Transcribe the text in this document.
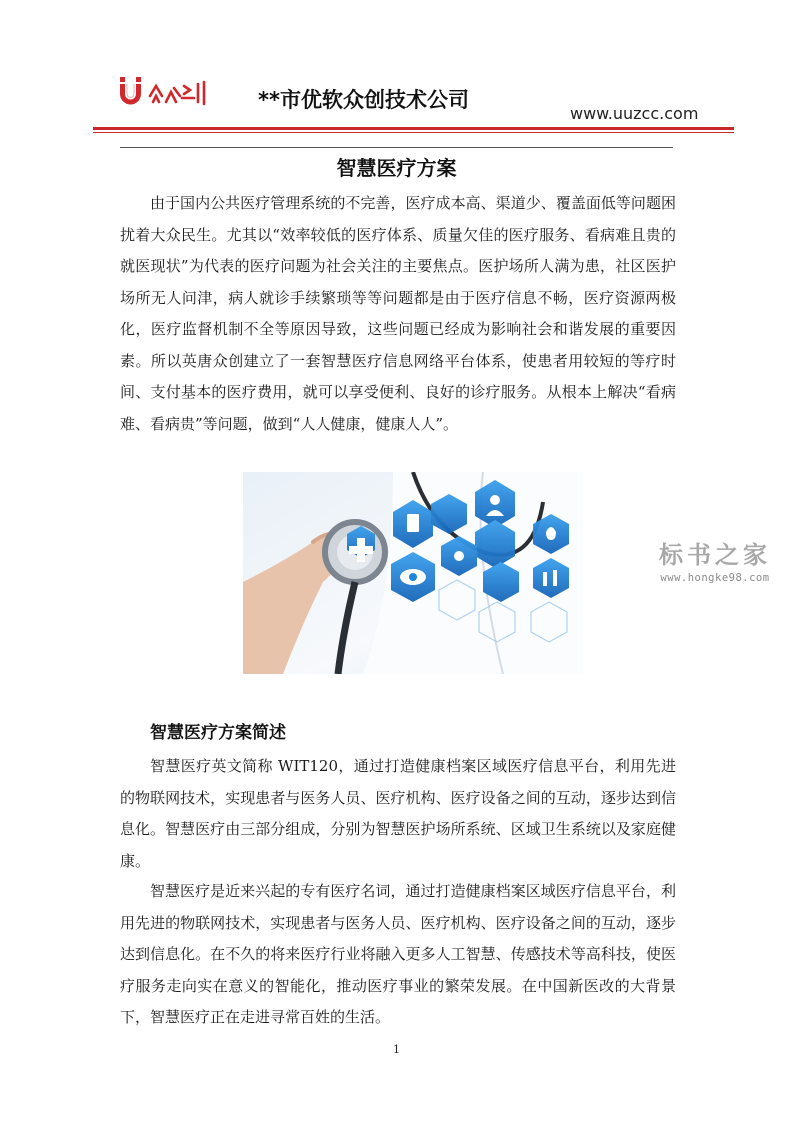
**市优软众创技术公司
www.uuzcc.com
智慧医疗方案

由于国内公共医疗管理系统的不完善，医疗成本高、渠道少、覆盖面低等问题困扰着大众民生。尤其以“效率较低的医疗体系、质量欠佳的医疗服务、看病难且贵的就医现状”为代表的医疗问题为社会关注的主要焦点。医护场所人满为患，社区医护场所无人问津，病人就诊手续繁琐等等问题都是由于医疗信息不畅，医疗资源两极化，医疗监督机制不全等原因导致，这些问题已经成为影响社会和谐发展的重要因素。所以英唐众创建立了一套智慧医疗信息网络平台体系，使患者用较短的等疗时间、支付基本的医疗费用，就可以享受便利、良好的诊疗服务。从根本上解决“看病难、看病贵”等问题，做到“人人健康，健康人人”。

标书之家
www.hongke98.com
智慧医疗方案简述

智慧医疗英文简称 WIT120，通过打造健康档案区域医疗信息平台，利用先进的物联网技术，实现患者与医务人员、医疗机构、医疗设备之间的互动，逐步达到信息化。智慧医疗由三部分组成，分别为智慧医护场所系统、区域卫生系统以及家庭健康。

智慧医疗是近来兴起的专有医疗名词，通过打造健康档案区域医疗信息平台，利用先进的物联网技术，实现患者与医务人员、医疗机构、医疗设备之间的互动，逐步达到信息化。在不久的将来医疗行业将融入更多人工智慧、传感技术等高科技，使医疗服务走向实在意义的智能化，推动医疗事业的繁荣发展。在中国新医改的大背景下，智慧医疗正在走进寻常百姓的生活。

1
